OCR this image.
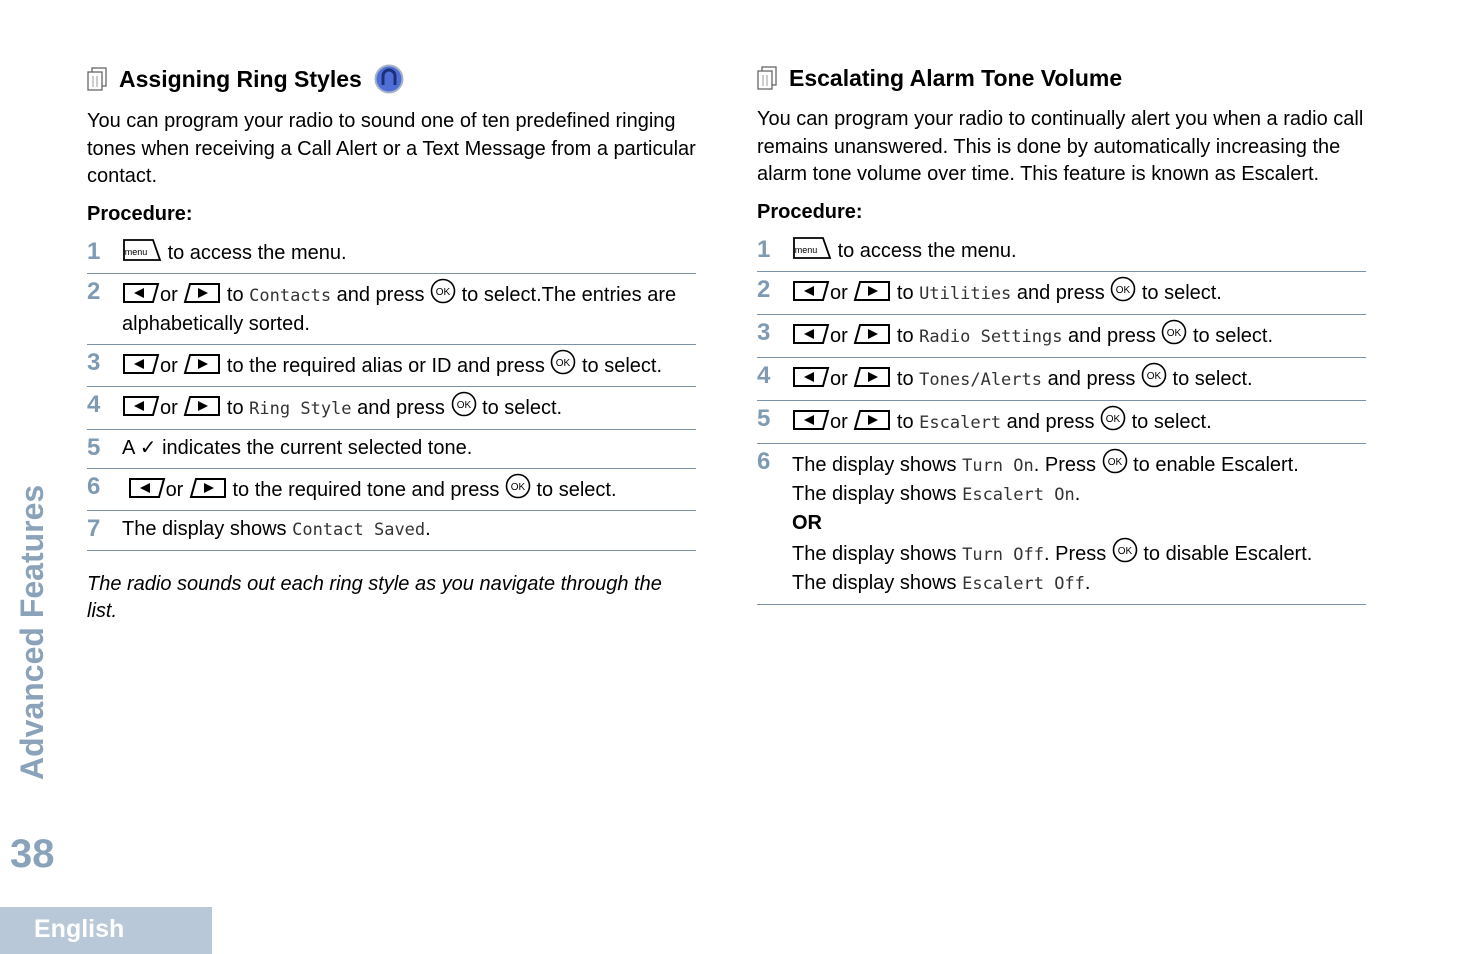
Advanced Features
38
English
Assigning Ring Styles

You can program your radio to sound one of ten predefined ringing tones when receiving a Call Alert or a Text Message from a particular contact.

Procedure:

1	to access the menu.
2	or to Contacts and press to select.The entries are alphabetically sorted.
3	or to the required alias or ID and press to select.
4	or to Ring Style and press to select.
5	A ✓ indicates the current selected tone.
6	or to the required tone and press to select.
7	The display shows Contact Saved.

The radio sounds out each ring style as you navigate through the list.

Escalating Alarm Tone Volume

You can program your radio to continually alert you when a radio call remains unanswered. This is done by automatically increasing the alarm tone volume over time. This feature is known as Escalert.

Procedure:

1	to access the menu.
2	or to Utilities and press to select.
3	or to Radio Settings and press to select.
4	or to Tones/Alerts and press to select.
5	or to Escalert and press to select.
6	The display shows Turn On. Press to enable Escalert.
The display shows Escalert On.
OR
The display shows Turn Off. Press to disable Escalert.
The display shows Escalert Off.
